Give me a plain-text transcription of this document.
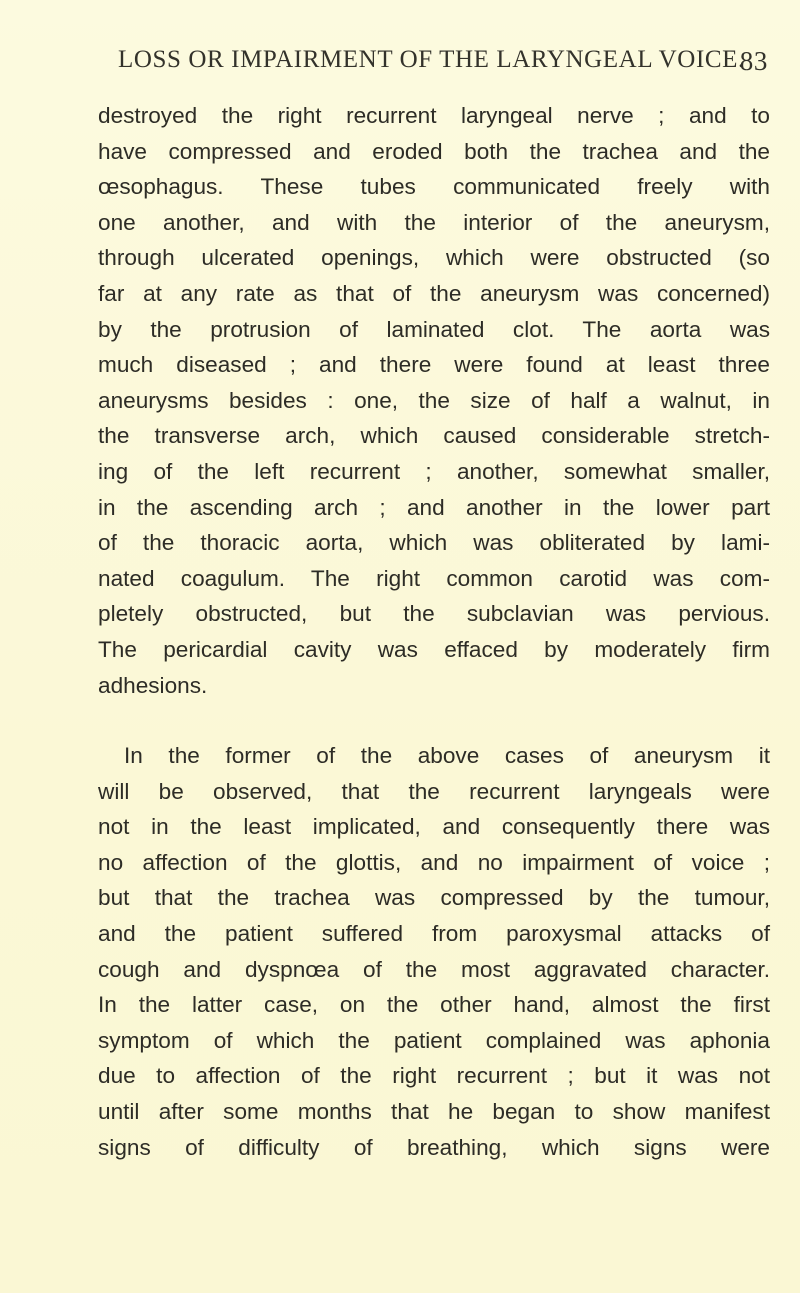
LOSS OR IMPAIRMENT OF THE LARYNGEAL VOICE.
83

destroyed the right recurrent laryngeal nerve ; and to
have compressed and eroded both the trachea and the
œsophagus. These tubes communicated freely with
one another, and with the interior of the aneurysm,
through ulcerated openings, which were obstructed (so
far at any rate as that of the aneurysm was concerned)
by the protrusion of laminated clot. The aorta was
much diseased ; and there were found at least three
aneurysms besides : one, the size of half a walnut, in
the transverse arch, which caused considerable stretch-
ing of the left recurrent ; another, somewhat smaller,
in the ascending arch ; and another in the lower part
of the thoracic aorta, which was obliterated by lami-
nated coagulum. The right common carotid was com-
pletely obstructed, but the subclavian was pervious.
The pericardial cavity was effaced by moderately firm
adhesions.

In the former of the above cases of aneurysm it
will be observed, that the recurrent laryngeals were
not in the least implicated, and consequently there was
no affection of the glottis, and no impairment of voice ;
but that the trachea was compressed by the tumour,
and the patient suffered from paroxysmal attacks of
cough and dyspnœa of the most aggravated character.
In the latter case, on the other hand, almost the first
symptom of which the patient complained was aphonia
due to affection of the right recurrent ; but it was not
until after some months that he began to show manifest
signs of difficulty of breathing, which signs were
